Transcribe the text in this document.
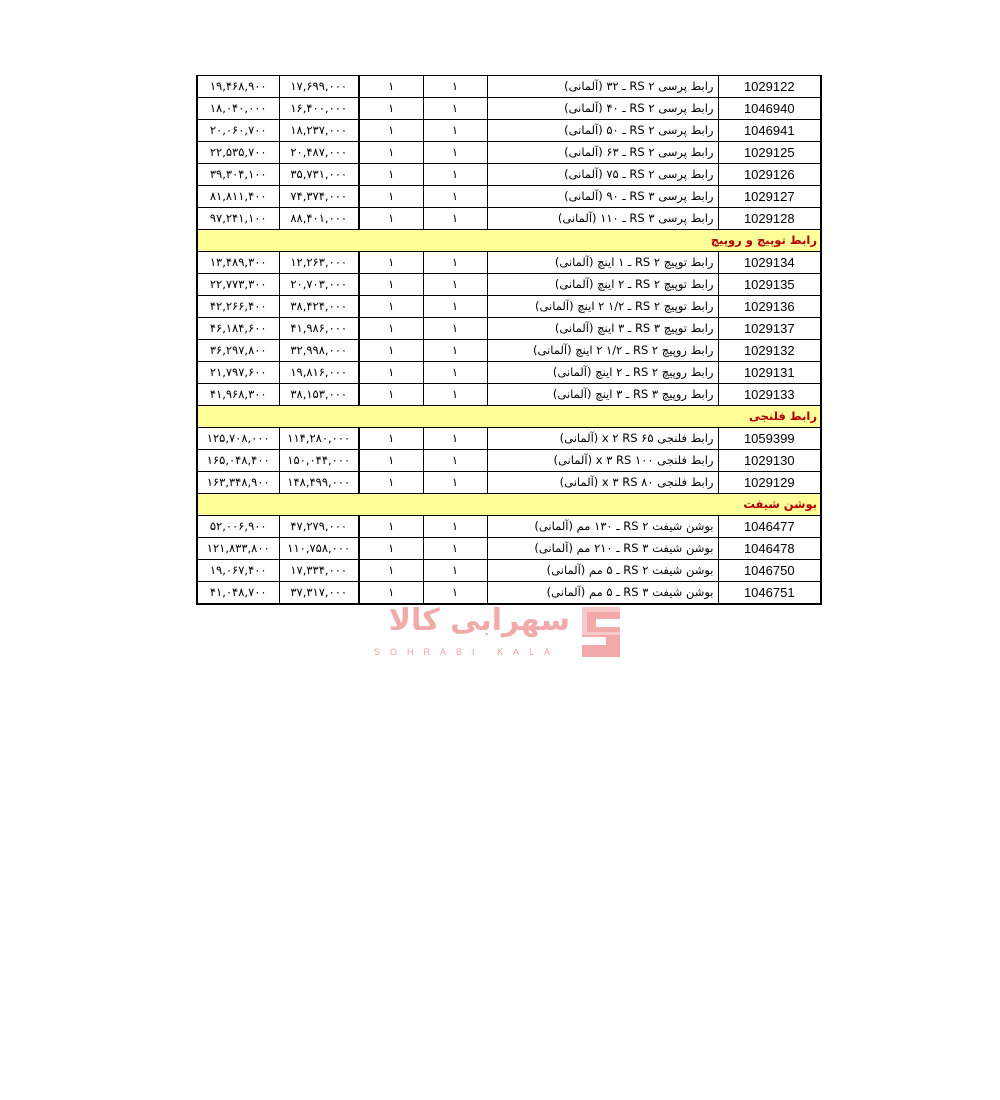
1029122	رابط پرسی ۲ RS ـ ۳۲ (آلمانی)	۱	۱	۱۷,۶۹۹,۰۰۰	۱۹,۴۶۸,۹۰۰
1046940	رابط پرسی ۲ RS ـ ۴۰ (آلمانی)	۱	۱	۱۶,۴۰۰,۰۰۰	۱۸,۰۴۰,۰۰۰
1046941	رابط پرسی ۲ RS ـ ۵۰ (آلمانی)	۱	۱	۱۸,۲۳۷,۰۰۰	۲۰,۰۶۰,۷۰۰
1029125	رابط پرسی ۲ RS ـ ۶۳ (آلمانی)	۱	۱	۲۰,۴۸۷,۰۰۰	۲۲,۵۳۵,۷۰۰
1029126	رابط پرسی ۲ RS ـ ۷۵ (آلمانی)	۱	۱	۳۵,۷۳۱,۰۰۰	۳۹,۳۰۴,۱۰۰
1029127	رابط پرسی ۳ RS ـ ۹۰ (آلمانی)	۱	۱	۷۴,۳۷۴,۰۰۰	۸۱,۸۱۱,۴۰۰
1029128	رابط پرسی ۳ RS ـ ۱۱۰ (آلمانی)	۱	۱	۸۸,۴۰۱,۰۰۰	۹۷,۲۴۱,۱۰۰
رابط توپیچ و روپیچ					
1029134	رابط توپیچ ۲ RS ـ ۱ اینچ (آلمانی)	۱	۱	۱۲,۲۶۳,۰۰۰	۱۳,۴۸۹,۳۰۰
1029135	رابط توپیچ ۲ RS ـ ۲ اینچ (آلمانی)	۱	۱	۲۰,۷۰۳,۰۰۰	۲۲,۷۷۳,۳۰۰
1029136	رابط توپیچ ۲ RS ـ ۱/۲ ۲ اینچ (آلمانی)	۱	۱	۳۸,۴۲۴,۰۰۰	۴۲,۲۶۶,۴۰۰
1029137	رابط توپیچ ۳ RS ـ ۳ اینچ (آلمانی)	۱	۱	۴۱,۹۸۶,۰۰۰	۴۶,۱۸۴,۶۰۰
1029132	رابط روپیچ ۲ RS ـ ۱/۲ ۲ اینچ (آلمانی)	۱	۱	۳۲,۹۹۸,۰۰۰	۳۶,۲۹۷,۸۰۰
1029131	رابط روپیچ ۲ RS ـ ۲ اینچ (آلمانی)	۱	۱	۱۹,۸۱۶,۰۰۰	۲۱,۷۹۷,۶۰۰
1029133	رابط روپیچ ۳ RS ـ ۳ اینچ (آلمانی)	۱	۱	۳۸,۱۵۳,۰۰۰	۴۱,۹۶۸,۳۰۰
رابط فلنجی					
1059399	رابط فلنجی ۶۵ x ۲ RS (آلمانی)	۱	۱	۱۱۴,۲۸۰,۰۰۰	۱۲۵,۷۰۸,۰۰۰
1029130	رابط فلنجی ۱۰۰ x ۳ RS (آلمانی)	۱	۱	۱۵۰,۰۴۴,۰۰۰	۱۶۵,۰۴۸,۴۰۰
1029129	رابط فلنجی ۸۰ x ۳ RS (آلمانی)	۱	۱	۱۴۸,۴۹۹,۰۰۰	۱۶۳,۳۴۸,۹۰۰
بوشن شیفت					
1046477	بوشن شیفت ۲ RS ـ ۱۳۰ مم (آلمانی)	۱	۱	۴۷,۲۷۹,۰۰۰	۵۲,۰۰۶,۹۰۰
1046478	بوشن شیفت ۳ RS ـ ۲۱۰ مم (آلمانی)	۱	۱	۱۱۰,۷۵۸,۰۰۰	۱۲۱,۸۳۳,۸۰۰
1046750	بوشن شیفت ۲ RS ـ ۵ مم (آلمانی)	۱	۱	۱۷,۳۳۴,۰۰۰	۱۹,۰۶۷,۴۰۰
1046751	بوشن شیفت ۳ RS ـ ۵ مم (آلمانی)	۱	۱	۳۷,۳۱۷,۰۰۰	۴۱,۰۴۸,۷۰۰
سهرابی کالا
SOHRABI KALA
